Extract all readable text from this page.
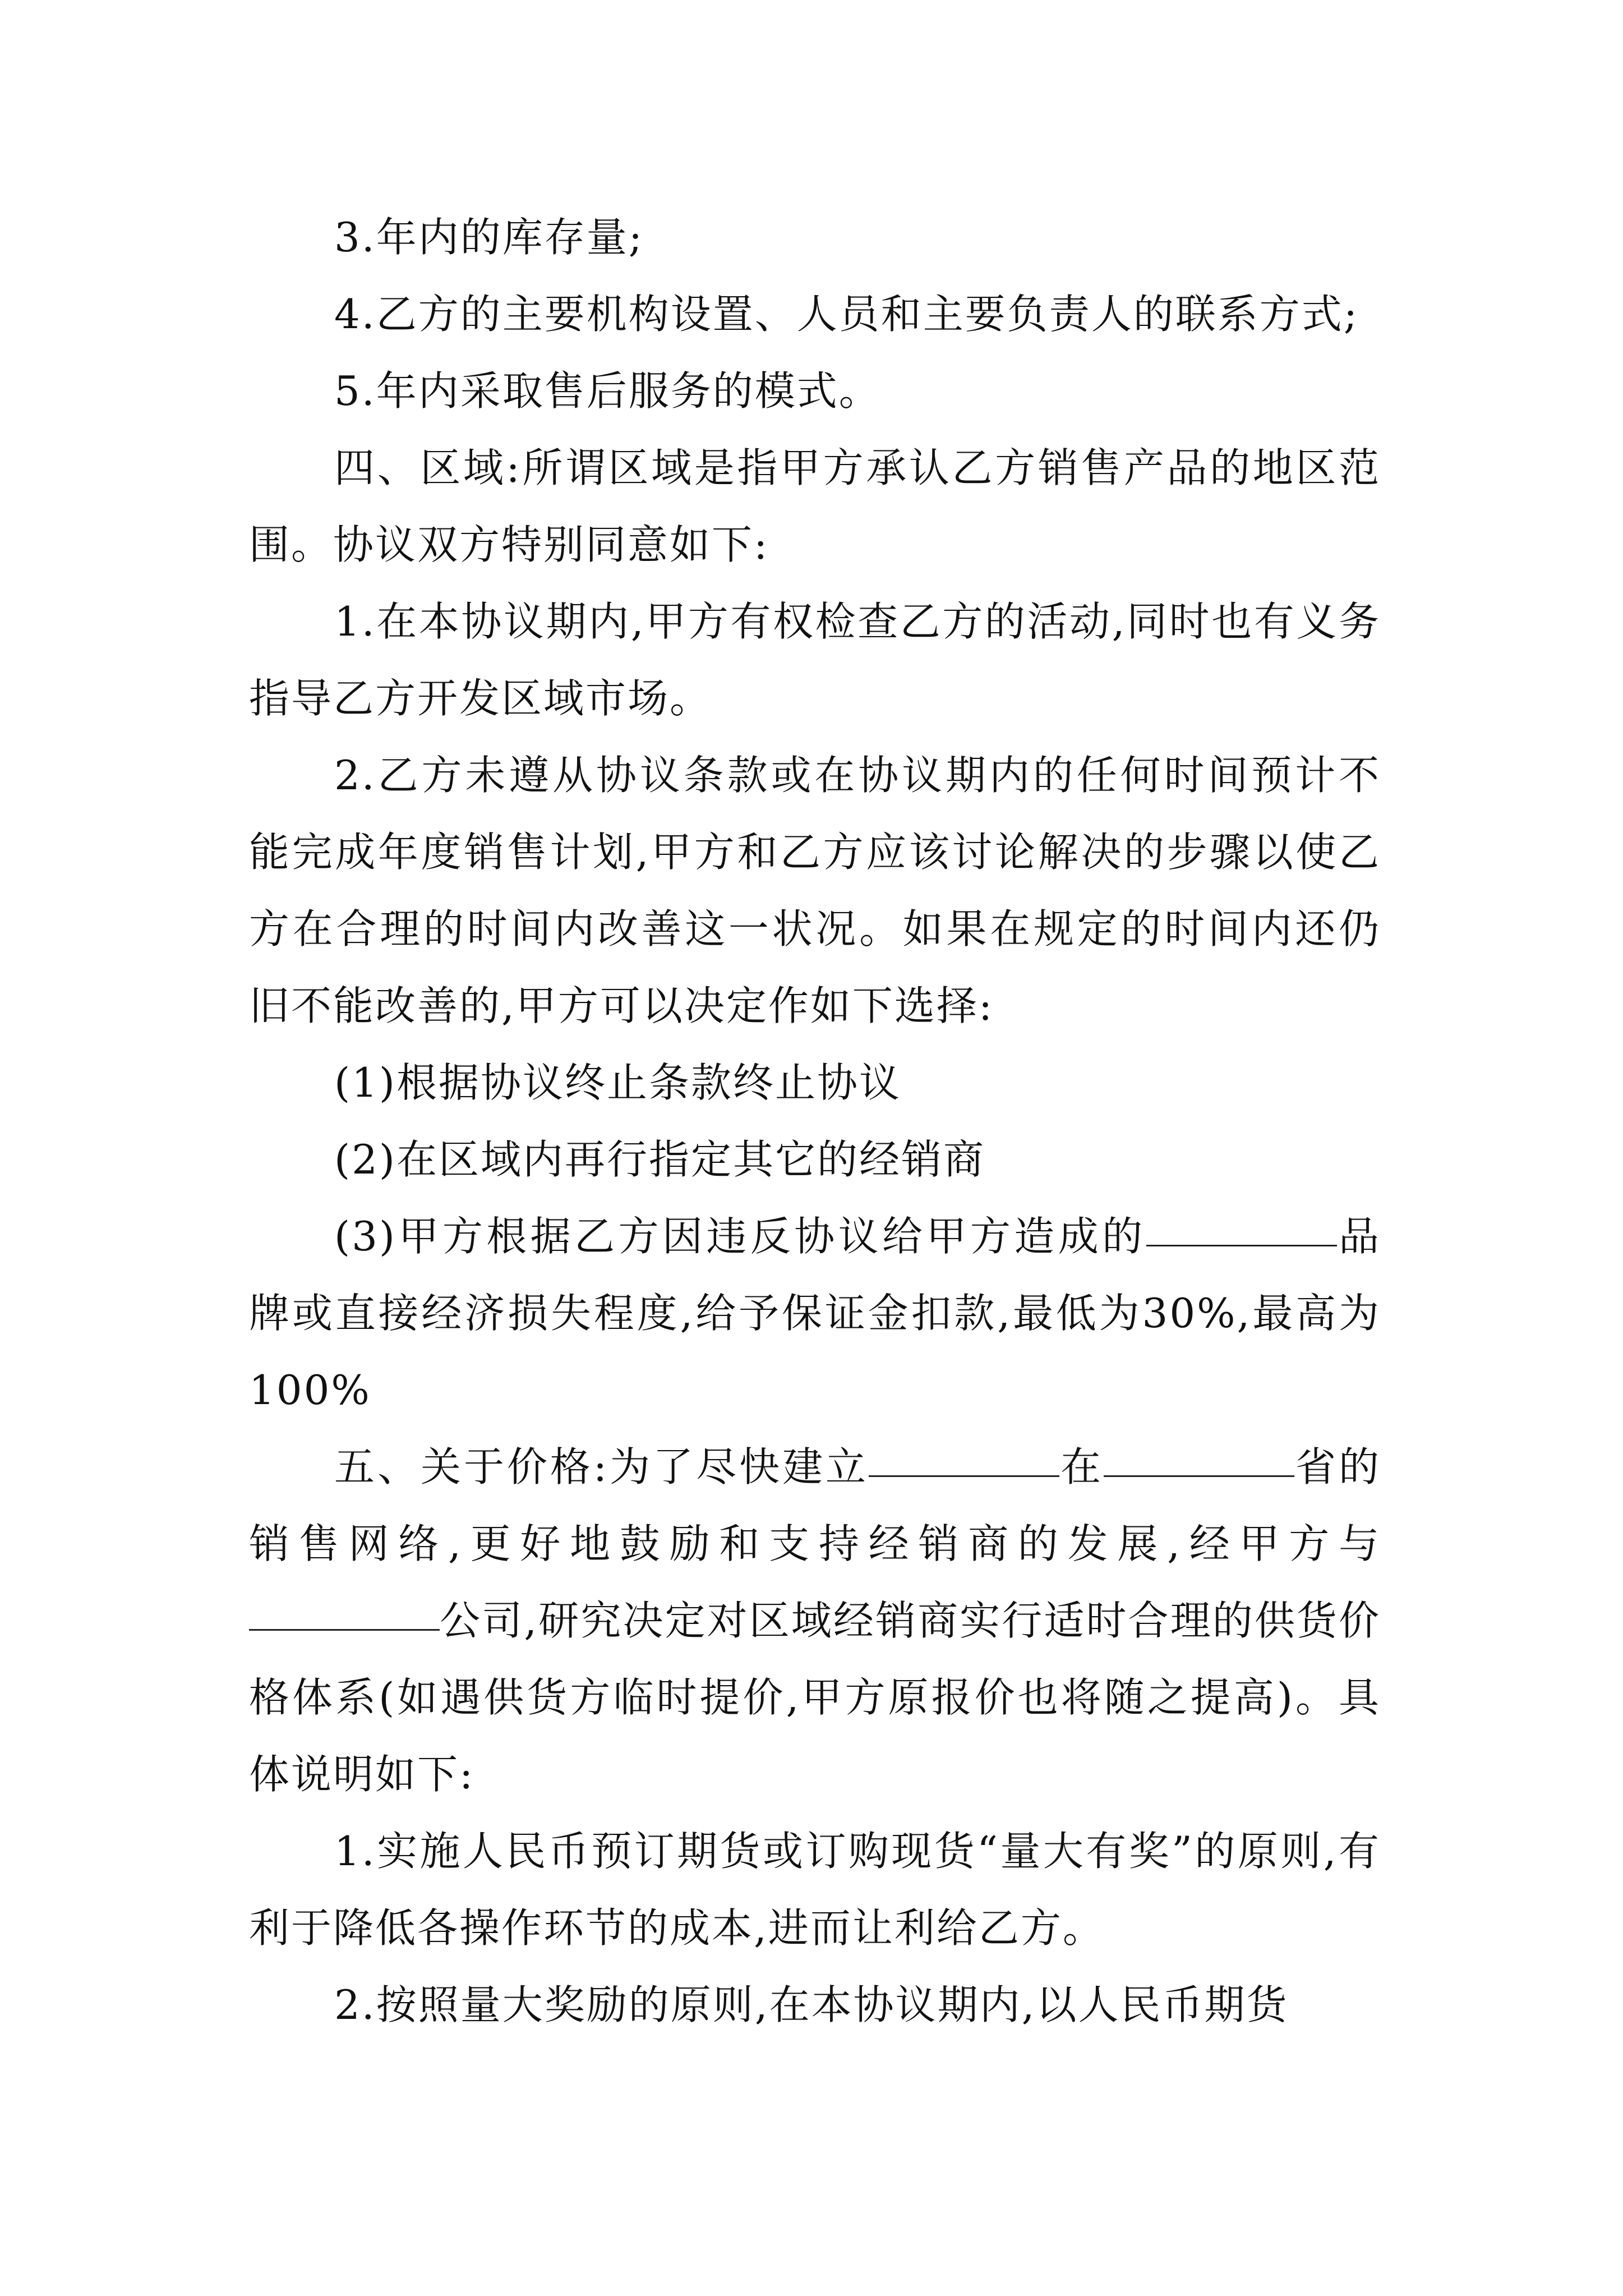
3.年内的库存量;

4.乙方的主要机构设置、人员和主要负责人的联系方式;

5.年内采取售后服务的模式。

四、区域:所谓区域是指甲方承认乙方销售产品的地区范围。协议双方特别同意如下:

1.在本协议期内,甲方有权检查乙方的活动,同时也有义务指导乙方开发区域市场。

2.乙方未遵从协议条款或在协议期内的任何时间预计不能完成年度销售计划,甲方和乙方应该讨论解决的步骤以使乙方在合理的时间内改善这一状况。如果在规定的时间内还仍旧不能改善的,甲方可以决定作如下选择:

(1)根据协议终止条款终止协议

(2)在区域内再行指定其它的经销商

(3)甲方根据乙方因违反协议给甲方造成的	品牌或直接经济损失程度,给予保证金扣款,最低为30%,最高为100%

五、关于价格:为了尽快建立	在	省的销售网络,更好地鼓励和支持经销商的发展,经甲方与公司,研究决定对区域经销商实行适时合理的供货价格体系(如遇供货方临时提价,甲方原报价也将随之提高)。具体说明如下:

1.实施人民币预订期货或订购现货“量大有奖”的原则,有利于降低各操作环节的成本,进而让利给乙方。

2.按照量大奖励的原则,在本协议期内,以人民币期货
